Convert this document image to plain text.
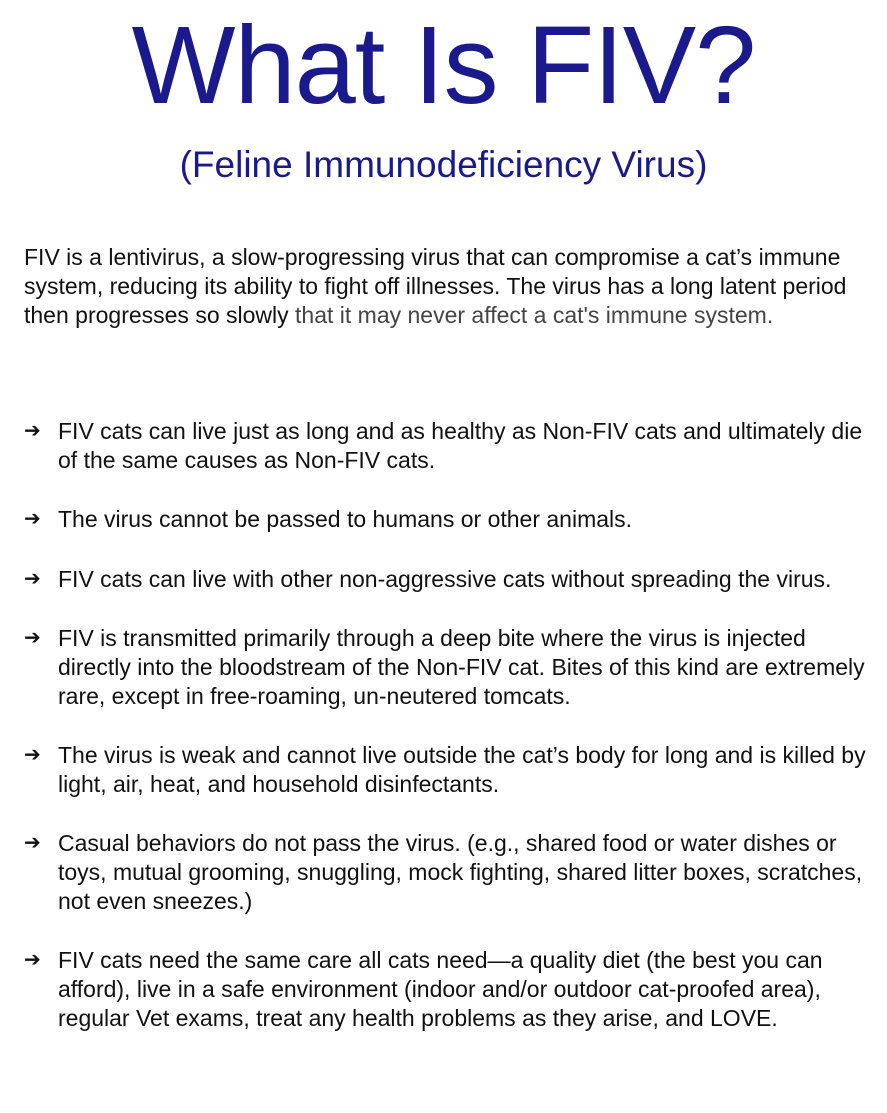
What Is FIV?
(Feline Immunodeficiency Virus)

FIV is a lentivirus, a slow-progressing virus that can compromise a cat’s immune system, reducing its ability to fight off illnesses. The virus has a long latent period then progresses so slowly that it may never affect a cat's immune system.

➔ FIV cats can live just as long and as healthy as Non-FIV cats and ultimately die of the same causes as Non-FIV cats.
➔ The virus cannot be passed to humans or other animals.
➔ FIV cats can live with other non-aggressive cats without spreading the virus.
➔ FIV is transmitted primarily through a deep bite where the virus is injected directly into the bloodstream of the Non-FIV cat. Bites of this kind are extremely rare, except in free-roaming, un-neutered tomcats.
➔ The virus is weak and cannot live outside the cat’s body for long and is killed by light, air, heat, and household disinfectants.
➔ Casual behaviors do not pass the virus. (e.g., shared food or water dishes or toys, mutual grooming, snuggling, mock fighting, shared litter boxes, scratches, not even sneezes.)
➔ FIV cats need the same care all cats need—a quality diet (the best you can afford), live in a safe environment (indoor and/or outdoor cat-proofed area), regular Vet exams, treat any health problems as they arise, and LOVE.
